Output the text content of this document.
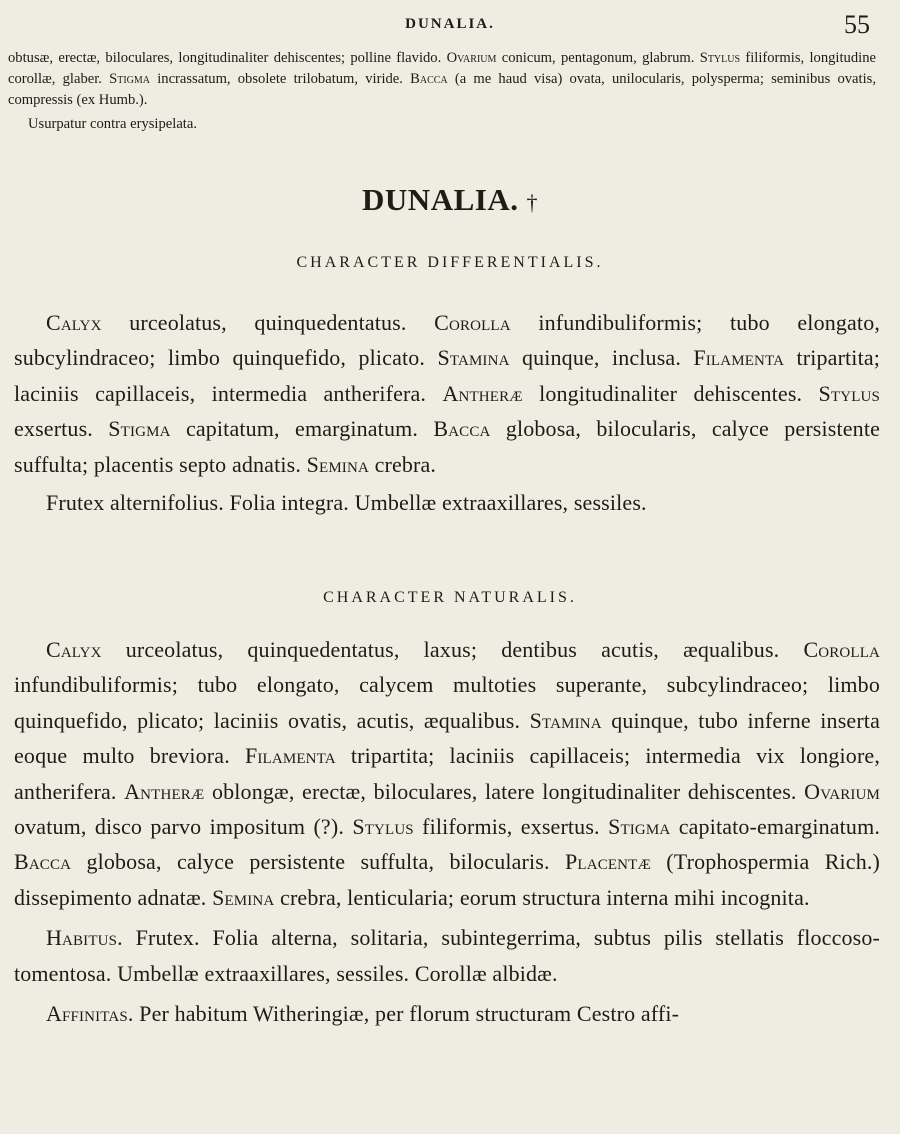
DUNALIA.	55

obtusæ, erectæ, biloculares, longitudinaliter dehiscentes; polline flavido. Ovarium conicum, pentagonum, glabrum. Stylus filiformis, longitudine corollæ, glaber. Stigma incrassatum, obsolete trilobatum, viride. Bacca (a me haud visa) ovata, unilocularis, polysperma; seminibus ovatis, compressis (ex Humb.).

Usurpatur contra erysipelata.

DUNALIA. †
CHARACTER DIFFERENTIALIS.

Calyx urceolatus, quinquedentatus. Corolla infundibuliformis; tubo elongato, subcylindraceo; limbo quinquefido, plicato. Stamina quinque, inclusa. Filamenta tripartita; laciniis capillaceis, intermedia antherifera. Antheræ longitudinaliter dehiscentes. Stylus exsertus. Stigma capitatum, emarginatum. Bacca globosa, bilocularis, calyce persistente suffulta; placentis septo adnatis. Semina crebra.

Frutex alternifolius. Folia integra. Umbellæ extraaxillares, sessiles.

CHARACTER NATURALIS.

Calyx urceolatus, quinquedentatus, laxus; dentibus acutis, æqualibus. Corolla infundibuliformis; tubo elongato, calycem multoties superante, subcylindraceo; limbo quinquefido, plicato; laciniis ovatis, acutis, æqualibus. Stamina quinque, tubo inferne inserta eoque multo breviora. Filamenta tripartita; laciniis capillaceis; intermedia vix longiore, antherifera. Antheræ oblongæ, erectæ, biloculares, latere longitudinaliter dehiscentes. Ovarium ovatum, disco parvo impositum (?). Stylus filiformis, exsertus. Stigma capitato-emarginatum. Bacca globosa, calyce persistente suffulta, bilocularis. Placentæ (Trophospermia Rich.) dissepimento adnatæ. Semina crebra, lenticularia; eorum structura interna mihi incognita.

Habitus. Frutex. Folia alterna, solitaria, subintegerrima, subtus pilis stellatis floccoso-tomentosa. Umbellæ extraaxillares, sessiles. Corollæ albidæ.

Affinitas. Per habitum Witheringiæ, per florum structuram Cestro affi-
